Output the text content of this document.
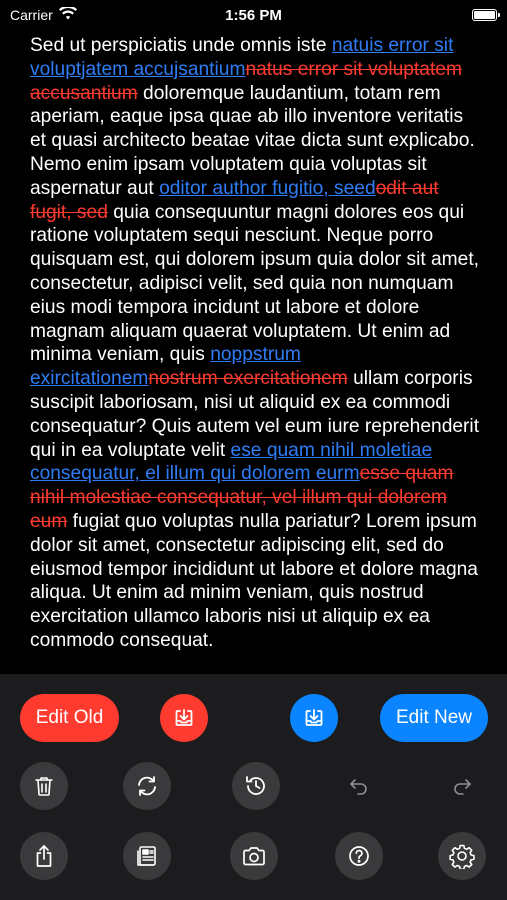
Carrier	1:56 PM
Sed ut perspiciatis unde omnis iste natuis error sit voluptjatem accujsantiumnatus error sit voluptatem accusantium doloremque laudantium, totam rem aperiam, eaque ipsa quae ab illo inventore veritatis et quasi architecto beatae vitae dicta sunt explicabo. Nemo enim ipsam voluptatem quia voluptas sit aspernatur aut oditor author fugitio, seedodit aut fugit, sed quia consequuntur magni dolores eos qui ratione voluptatem sequi nesciunt. Neque porro quisquam est, qui dolorem ipsum quia dolor sit amet, consectetur, adipisci velit, sed quia non numquam eius modi tempora incidunt ut labore et dolore magnam aliquam quaerat voluptatem. Ut enim ad minima veniam, quis noppstrum exircitationemnostrum exercitationem ullam corporis suscipit laboriosam, nisi ut aliquid ex ea commodi consequatur? Quis autem vel eum iure reprehenderit qui in ea voluptate velit ese quam nihil moletiae consequatur, el illum qui dolorem eurmesse quam nihil molestiae consequatur, vel illum qui dolorem eum fugiat quo voluptas nulla pariatur? Lorem ipsum dolor sit amet, consectetur adipiscing elit, sed do eiusmod tempor incididunt ut labore et dolore magna aliqua. Ut enim ad minim veniam, quis nostrud exercitation ullamco laboris nisi ut aliquip ex ea commodo consequat.
Edit Old	Edit New
